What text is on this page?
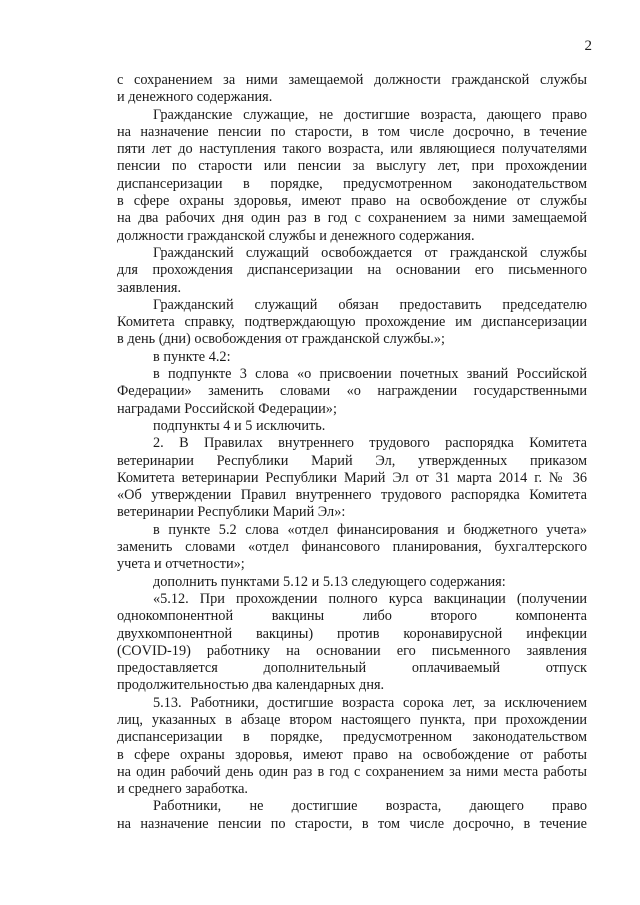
2
с сохранением за ними замещаемой должности гражданской службы
и денежного содержания.
Гражданские служащие, не достигшие возраста, дающего право
на назначение пенсии по старости, в том числе досрочно, в течение
пяти лет до наступления такого возраста, или являющиеся получателями
пенсии по старости или пенсии за выслугу лет, при прохождении
диспансеризации в порядке, предусмотренном законодательством
в сфере охраны здоровья, имеют право на освобождение от службы
на два рабочих дня один раз в год с сохранением за ними замещаемой
должности гражданской службы и денежного содержания.
Гражданский служащий освобождается от гражданской службы
для прохождения диспансеризации на основании его письменного
заявления.
Гражданский служащий обязан предоставить председателю
Комитета справку, подтверждающую прохождение им диспансеризации
в день (дни) освобождения от гражданской службы.»;
в пункте 4.2:
в подпункте 3 слова «о присвоении почетных званий Российской
Федерации» заменить словами «о награждении государственными
наградами Российской Федерации»;
подпункты 4 и 5 исключить.
2. В Правилах внутреннего трудового распорядка Комитета
ветеринарии Республики Марий Эл, утвержденных приказом
Комитета ветеринарии Республики Марий Эл от 31 марта 2014 г. № 36
«Об утверждении Правил внутреннего трудового распорядка Комитета
ветеринарии Республики Марий Эл»:
в пункте 5.2 слова «отдел финансирования и бюджетного учета»
заменить словами «отдел финансового планирования, бухгалтерского
учета и отчетности»;
дополнить пунктами 5.12 и 5.13 следующего содержания:
«5.12. При прохождении полного курса вакцинации (получении
однокомпонентной вакцины либо второго компонента
двухкомпонентной вакцины) против коронавирусной инфекции
(COVID-19) работнику на основании его письменного заявления
предоставляется дополнительный оплачиваемый отпуск
продолжительностью два календарных дня.
5.13. Работники, достигшие возраста сорока лет, за исключением
лиц, указанных в абзаце втором настоящего пункта, при прохождении
диспансеризации в порядке, предусмотренном законодательством
в сфере охраны здоровья, имеют право на освобождение от работы
на один рабочий день один раз в год с сохранением за ними места работы
и среднего заработка.
Работники, не достигшие возраста, дающего право
на назначение пенсии по старости, в том числе досрочно, в течение
